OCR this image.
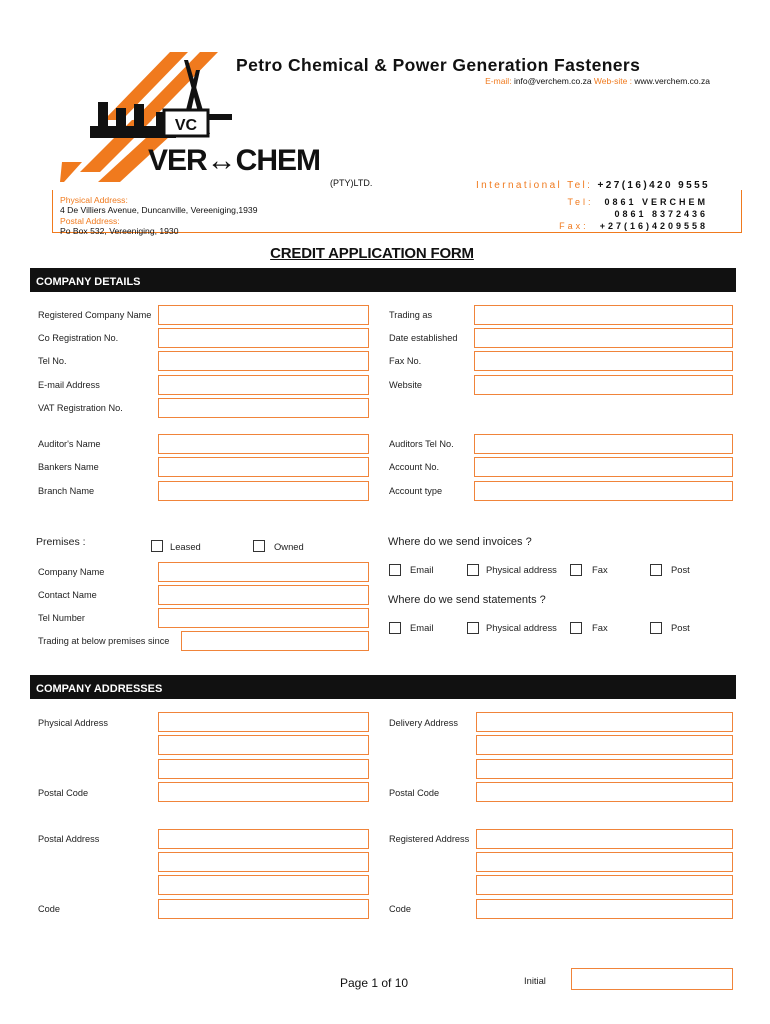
VC
VER↔CHEM
(PTY)LTD.
Petro Chemical & Power Generation Fasteners
E-mail: info@verchem.co.za Web-site : www.verchem.co.za
International Tel: +27(16)420 9555
Physical Address:
4 De Villiers Avenue, Duncanville, Vereeniging,1939
Postal Address:
Po Box 532, Vereeniging, 1930
Tel: 0861 VERCHEM
0861 8372436
Fax: +27(16)4209558
CREDIT APPLICATION FORM
COMPANY DETAILS
Registered Company Name	Trading as
Co Registration No.	Date established
Tel No.	Fax No.
E-mail Address	Website
VAT Registration No.
Auditor's Name	Auditors Tel No.
Bankers Name	Account No.
Branch Name	Account type
Premises :	Leased	Owned
Company Name
Contact Name
Tel Number
Trading at below premises since
Where do we send invoices ?
Email	Physical address	Fax	Post
Where do we send statements ?
Email	Physical address	Fax	Post
COMPANY ADDRESSES
Physical Address	Delivery Address
Postal Code	Postal Code
Postal Address	Registered Address
Code	Code
Page 1 of 10	Initial
